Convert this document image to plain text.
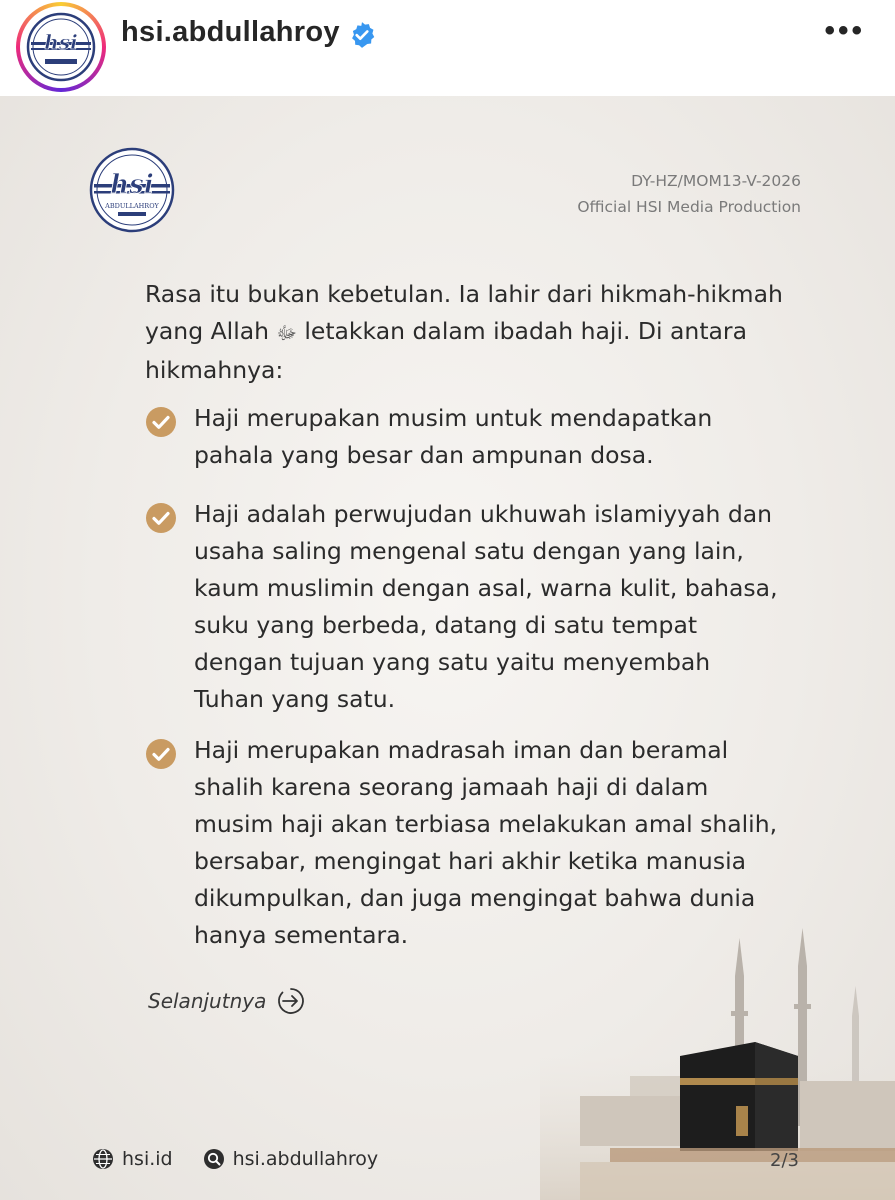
hsi hsi.abdullahroy	•••
hsi
ABDULLAHROY
DY-HZ/MOM13-V-2026
Official HSI Media Production

Rasa itu bukan kebetulan. Ia lahir dari hikmah-hikmah yang Allah ﷻ letakkan dalam ibadah haji. Di antara hikmahnya:

Haji merupakan musim untuk mendapatkan pahala yang besar dan ampunan dosa.

Haji adalah perwujudan ukhuwah islamiyyah dan usaha saling mengenal satu dengan yang lain, kaum muslimin dengan asal, warna kulit, bahasa, suku yang berbeda, datang di satu tempat dengan tujuan yang satu yaitu menyembah Tuhan yang satu.

Haji merupakan madrasah iman dan beramal shalih karena seorang jamaah haji di dalam musim haji akan terbiasa melakukan amal shalih, bersabar, mengingat hari akhir ketika manusia dikumpulkan, dan juga mengingat bahwa dunia hanya sementara.

Selanjutnya
hsi.id	hsi.abdullahroy	2/3
